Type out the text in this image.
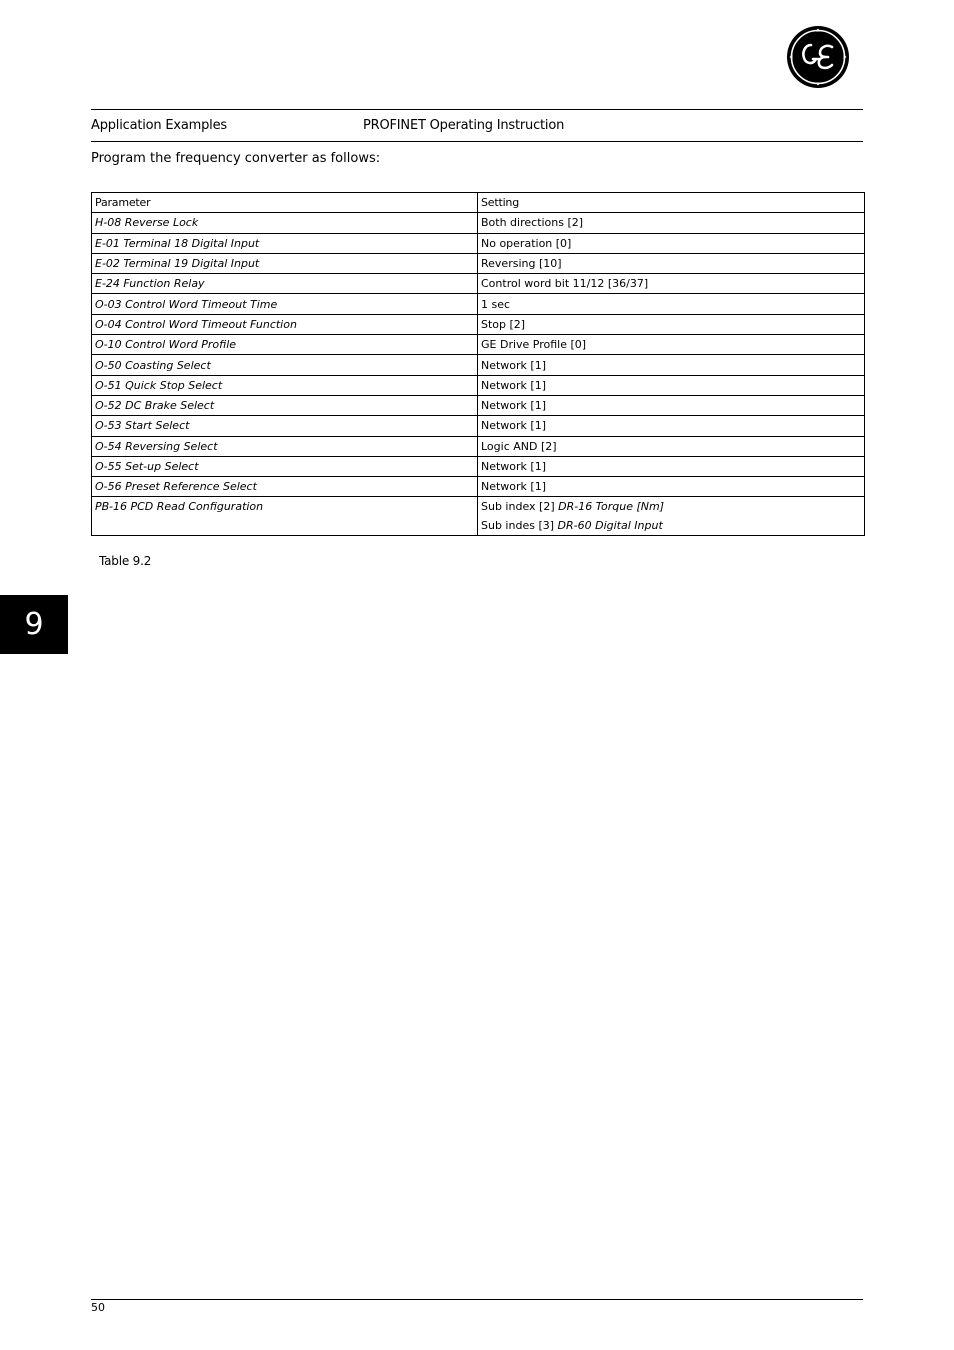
Application Examples	PROFINET Operating Instruction
Program the frequency converter as follows:
Parameter	Setting
H-08 Reverse Lock	Both directions [2]
E-01 Terminal 18 Digital Input	No operation [0]
E-02 Terminal 19 Digital Input	Reversing [10]
E-24 Function Relay	Control word bit 11/12 [36/37]
O-03 Control Word Timeout Time	1 sec
O-04 Control Word Timeout Function	Stop [2]
O-10 Control Word Profile	GE Drive Profile [0]
O-50 Coasting Select	Network [1]
O-51 Quick Stop Select	Network [1]
O-52 DC Brake Select	Network [1]
O-53 Start Select	Network [1]
O-54 Reversing Select	Logic AND [2]
O-55 Set-up Select	Network [1]
O-56 Preset Reference Select	Network [1]

PB-16 PCD Read Configuration	Sub index [2] DR-16 Torque [Nm]
Sub indes [3] DR-60 Digital Input
Table 9.2
9
50
